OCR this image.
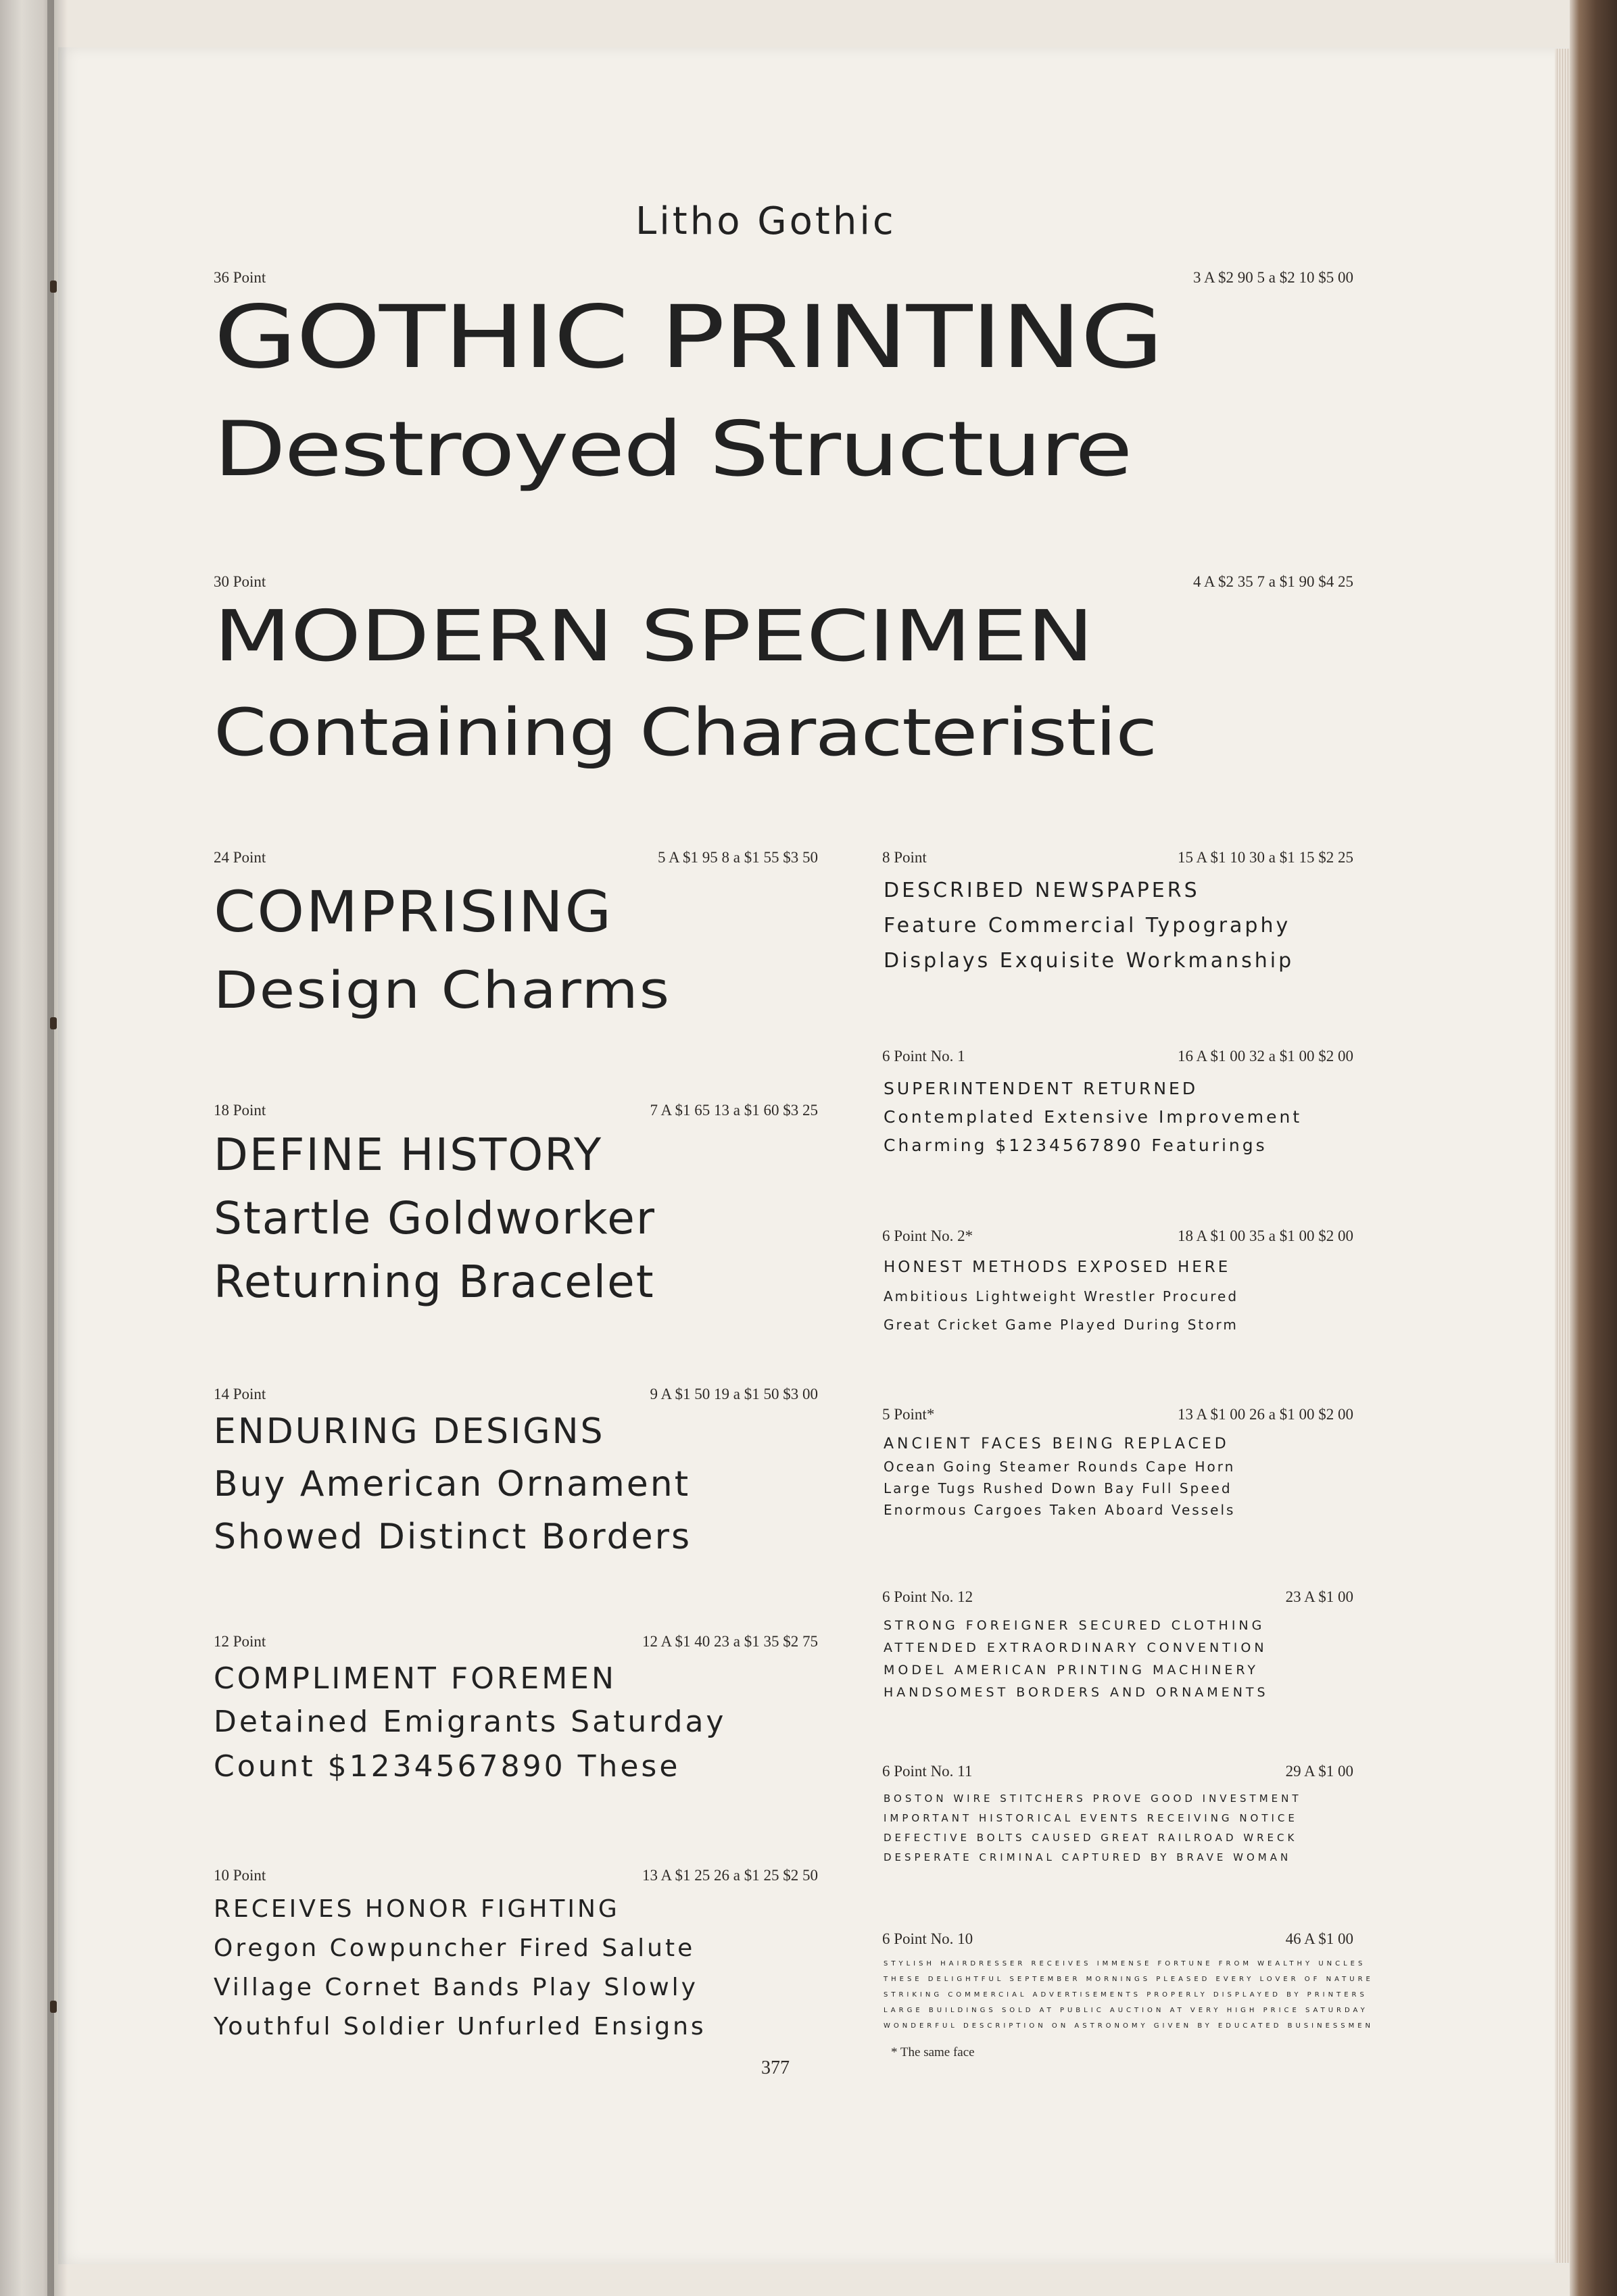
Litho Gothic
36 Point	3 A $2 90 5 a $2 10 $5 00
GOTHIC PRINTING
Destroyed Structure
30 Point	4 A $2 35 7 a $1 90 $4 25
MODERN SPECIMEN
Containing Characteristic
24 Point	5 A $1 95 8 a $1 55 $3 50
COMPRISING
Design Charms
18 Point	7 A $1 65 13 a $1 60 $3 25
DEFINE HISTORY
Startle Goldworker
Returning Bracelet
14 Point	9 A $1 50 19 a $1 50 $3 00
ENDURING DESIGNS
Buy American Ornament
Showed Distinct Borders
12 Point	12 A $1 40 23 a $1 35 $2 75
COMPLIMENT FOREMEN
Detained Emigrants Saturday
Count $1234567890 These
10 Point	13 A $1 25 26 a $1 25 $2 50
RECEIVES HONOR FIGHTING
Oregon Cowpuncher Fired Salute
Village Cornet Bands Play Slowly
Youthful Soldier Unfurled Ensigns
377
8 Point	15 A $1 10 30 a $1 15 $2 25
DESCRIBED NEWSPAPERS
Feature Commercial Typography
Displays Exquisite Workmanship
6 Point No. 1	16 A $1 00 32 a $1 00 $2 00
SUPERINTENDENT RETURNED
Contemplated Extensive Improvement
Charming $1234567890 Featurings
6 Point No. 2*	18 A $1 00 35 a $1 00 $2 00
HONEST METHODS EXPOSED HERE
Ambitious Lightweight Wrestler Procured
Great Cricket Game Played During Storm
5 Point*	13 A $1 00 26 a $1 00 $2 00
ANCIENT FACES BEING REPLACED
Ocean Going Steamer Rounds Cape Horn
Large Tugs Rushed Down Bay Full Speed
Enormous Cargoes Taken Aboard Vessels
6 Point No. 12	23 A $1 00
STRONG FOREIGNER SECURED CLOTHING
ATTENDED EXTRAORDINARY CONVENTION
MODEL AMERICAN PRINTING MACHINERY
HANDSOMEST BORDERS AND ORNAMENTS
6 Point No. 11	29 A $1 00
BOSTON WIRE STITCHERS PROVE GOOD INVESTMENT
IMPORTANT HISTORICAL EVENTS RECEIVING NOTICE
DEFECTIVE BOLTS CAUSED GREAT RAILROAD WRECK
DESPERATE CRIMINAL CAPTURED BY BRAVE WOMAN
6 Point No. 10	46 A $1 00
STYLISH HAIRDRESSER RECEIVES IMMENSE FORTUNE FROM WEALTHY UNCLES
THESE DELIGHTFUL SEPTEMBER MORNINGS PLEASED EVERY LOVER OF NATURE
STRIKING COMMERCIAL ADVERTISEMENTS PROPERLY DISPLAYED BY PRINTERS
LARGE BUILDINGS SOLD AT PUBLIC AUCTION AT VERY HIGH PRICE SATURDAY
WONDERFUL DESCRIPTION ON ASTRONOMY GIVEN BY EDUCATED BUSINESSMEN
* The same face
